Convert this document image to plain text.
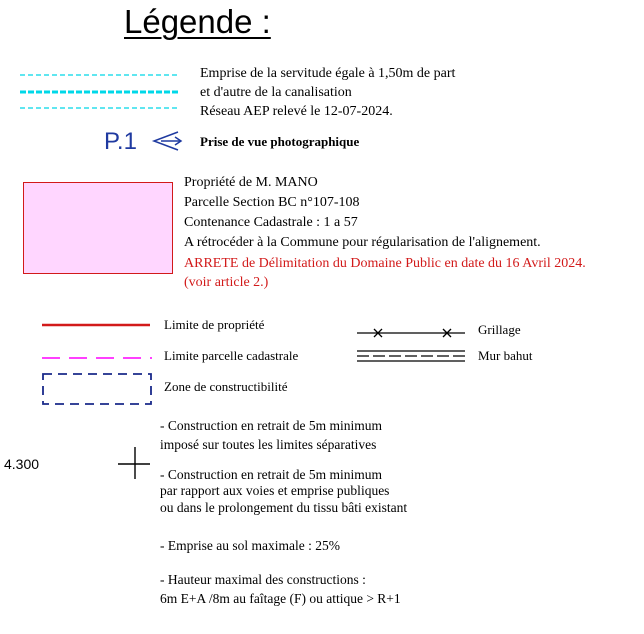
Légende :
Emprise de la servitude égale à 1,50m de part
et d'autre de la canalisation
Réseau AEP relevé le 12-07-2024.
P.1	Prise de vue photographique
Propriété de M. MANO
Parcelle Section BC n°107-108
Contenance Cadastrale : 1 a 57
A rétrocéder à la Commune pour régularisation de l'alignement.
ARRETE de Délimitation du Domaine Public en date du 16 Avril 2024.
(voir article 2.)
Limite de propriété
Limite parcelle cadastrale
Zone de constructibilité
Grillage
Mur bahut
- Construction en retrait de 5m minimum
imposé sur toutes les limites séparatives
4.300
- Construction en retrait de 5m minimum
par rapport aux voies et emprise publiques
ou dans le prolongement du tissu bâti existant
- Emprise au sol maximale : 25%
- Hauteur maximal des constructions :
6m E+A /8m au faîtage (F) ou attique > R+1
